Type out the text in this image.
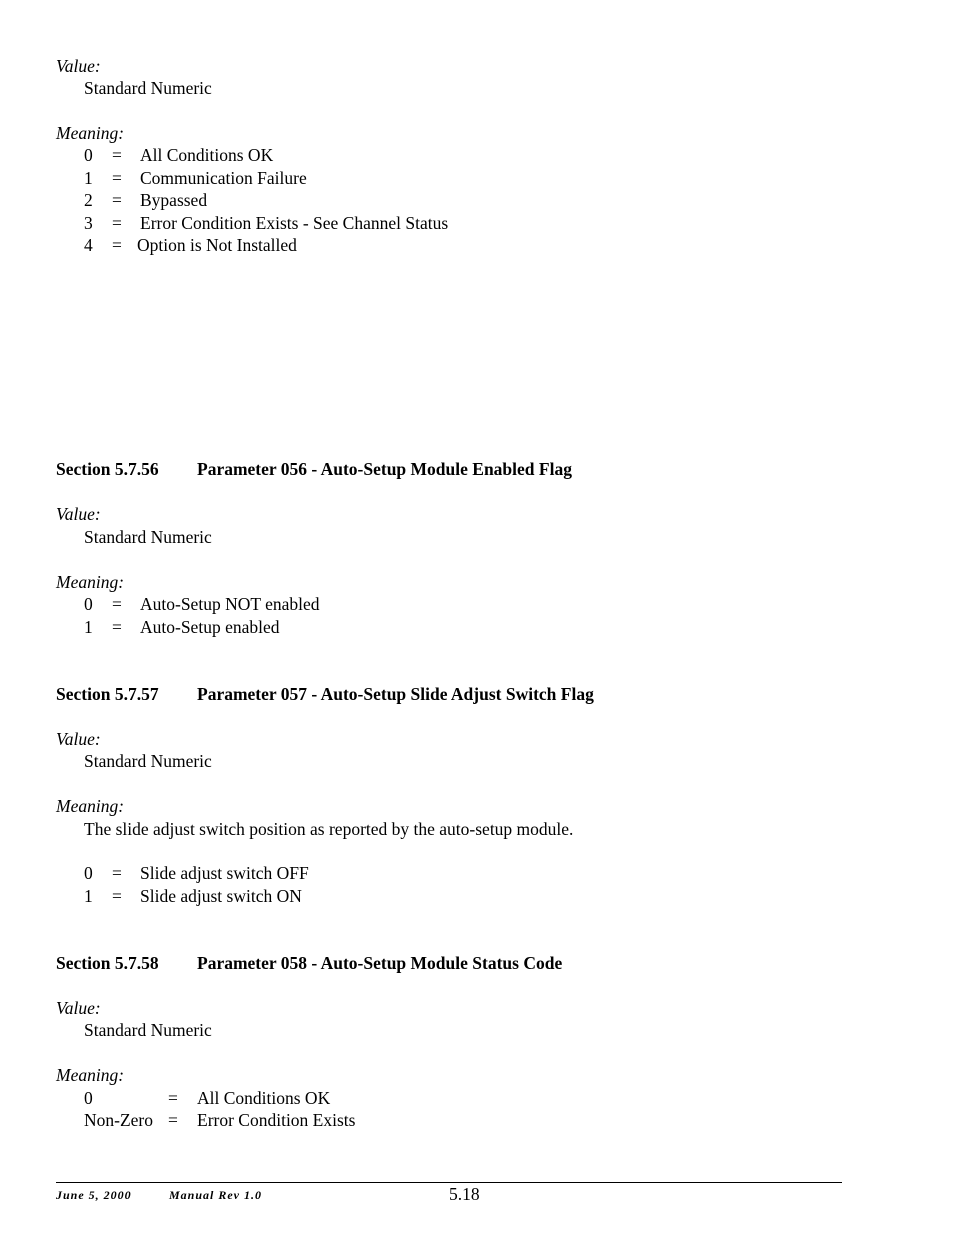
Value:
Standard Numeric
Meaning:
0 = All Conditions OK
1 = Communication Failure
2 = Bypassed
3 = Error Condition Exists - See Channel Status
4 = Option is Not Installed
Section 5.7.56 Parameter 056 - Auto-Setup Module Enabled Flag
Value:
Standard Numeric
Meaning:
0 = Auto-Setup NOT enabled
1 = Auto-Setup enabled
Section 5.7.57 Parameter 057 - Auto-Setup Slide Adjust Switch Flag
Value:
Standard Numeric
Meaning:
The slide adjust switch position as reported by the auto-setup module.
0 = Slide adjust switch OFF
1 = Slide adjust switch ON
Section 5.7.58 Parameter 058 - Auto-Setup Module Status Code
Value:
Standard Numeric
Meaning:
0	= All Conditions OK
Non-Zero = Error Condition Exists
June 5, 2000	Manual Rev 1.0	5.18
